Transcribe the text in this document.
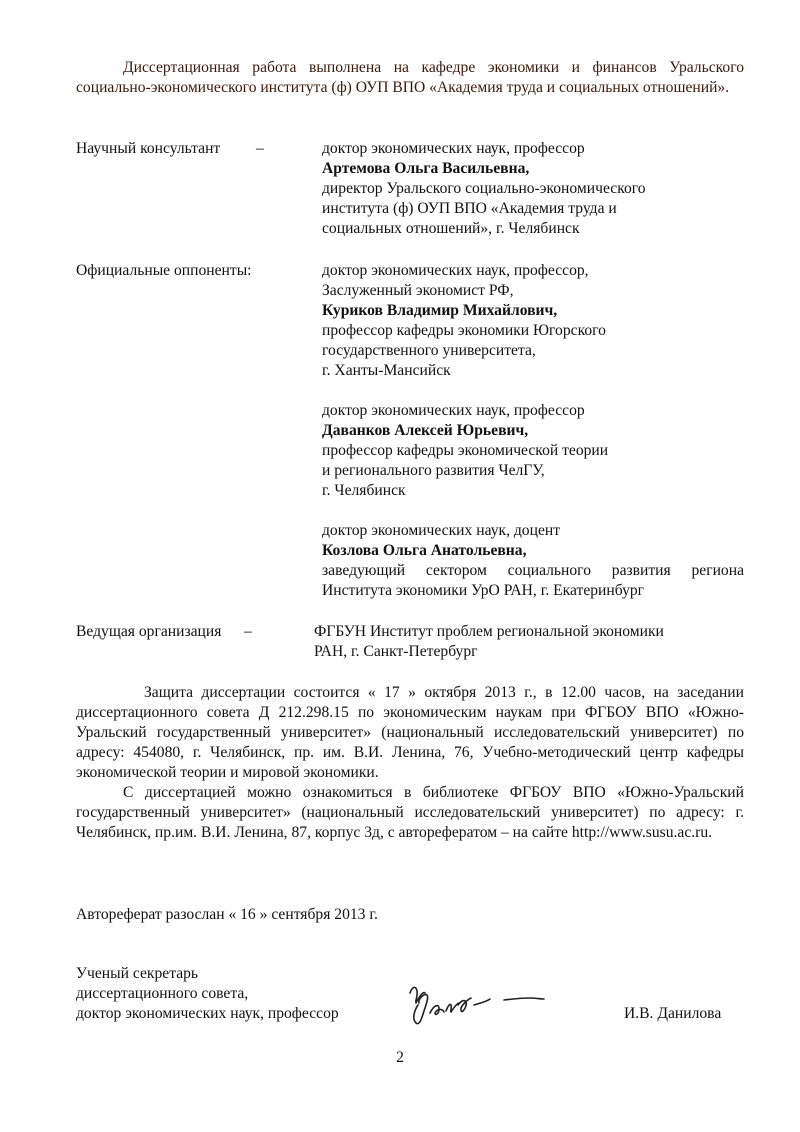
Диссертационная работа выполнена на кафедре экономики и финансов Уральского социально-экономического института (ф) ОУП ВПО «Академия труда и социальных отношений».

Научный консультант	–	доктор экономических наук, профессор
Артемова Ольга Васильевна,
директор Уральского социально-экономического
института (ф) ОУП ВПО «Академия труда и
социальных отношений», г. Челябинск
Официальные оппоненты:	доктор экономических наук, профессор,
Заслуженный экономист РФ,
Куриков Владимир Михайлович,
профессор кафедры экономики Югорского
государственного университета,
г. Ханты-Мансийск
доктор экономических наук, профессор
Даванков Алексей Юрьевич,
профессор кафедры экономической теории
и регионального развития ЧелГУ,
г. Челябинск
доктор экономических наук, доцент
Козлова Ольга Анатольевна,
заведующий сектором социального развития региона
Института экономики УрО РАН, г. Екатеринбург
Ведущая организация	–	ФГБУН Институт проблем региональной экономики
РАН, г. Санкт-Петербург

Защита диссертации состоится « 17 » октября 2013 г., в 12.00 часов, на заседании диссертационного совета Д 212.298.15 по экономическим наукам при ФГБОУ ВПО «Южно-Уральский государственный университет» (национальный исследовательский университет) по адресу: 454080, г. Челябинск, пр. им. В.И. Ленина, 76, Учебно-методический центр кафедры экономической теории и мировой экономики.

С диссертацией можно ознакомиться в библиотеке ФГБОУ ВПО «Южно-Уральский государственный университет» (национальный исследовательский университет) по адресу: г. Челябинск, пр.им. В.И. Ленина, 87, корпус 3д, с авторефератом – на сайте http://www.susu.ac.ru.

Автореферат разослан « 16 » сентября 2013 г.
Ученый секретарь
диссертационного совета,
доктор экономических наук, профессор	И.В. Данилова
2
